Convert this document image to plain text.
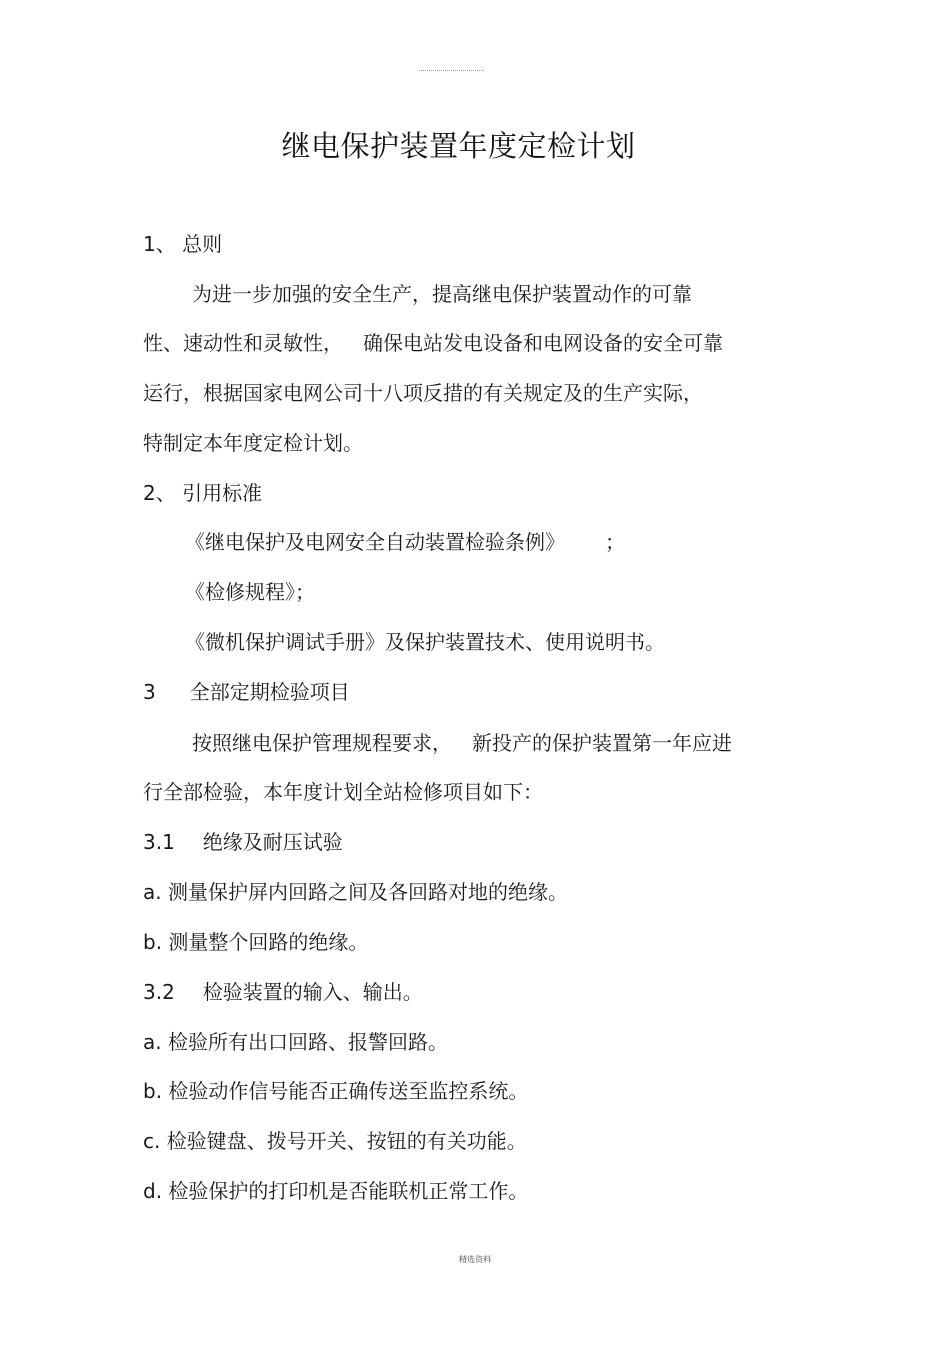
继电保护装置年度定检计划
1、 总则
为进一步加强的安全生产，提高继电保护装置动作的可靠
性、速动性和灵敏性， 确保电站发电设备和电网设备的安全可靠
运行，根据国家电网公司十八项反措的有关规定及的生产实际，
特制定本年度定检计划。
2、 引用标准
《继电保护及电网安全自动装置检验条例》 ；
《检修规程》；
《微机保护调试手册》及保护装置技术、使用说明书。
3 全部定期检验项目
按照继电保护管理规程要求， 新投产的保护装置第一年应进
行全部检验，本年度计划全站检修项目如下：
3.1 绝缘及耐压试验
a. 测量保护屏内回路之间及各回路对地的绝缘。
b. 测量整个回路的绝缘。
3.2 检验装置的输入、输出。
a. 检验所有出口回路、报警回路。
b. 检验动作信号能否正确传送至监控系统。
c. 检验键盘、拨号开关、按钮的有关功能。
d. 检验保护的打印机是否能联机正常工作。
精选资料
